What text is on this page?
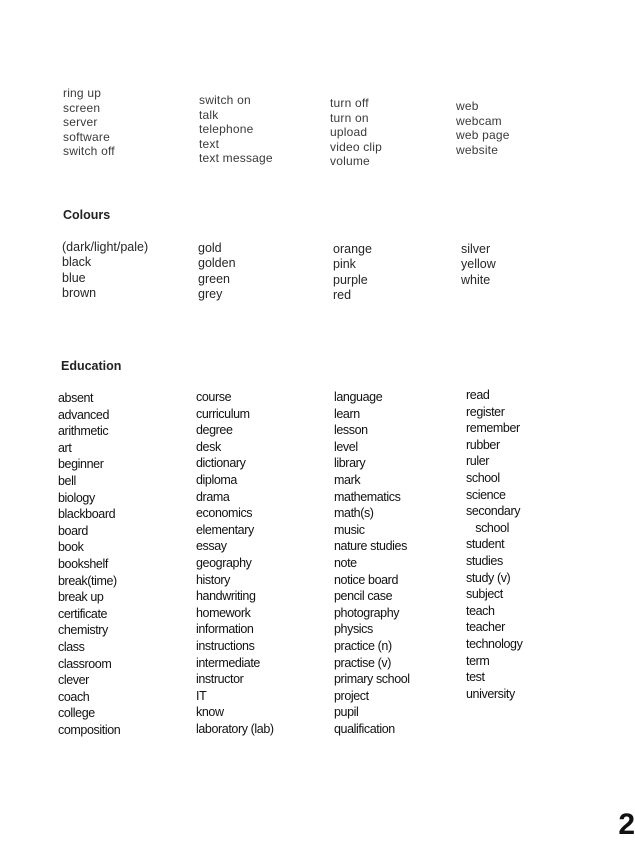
ring up
screen
server
software
switch off
switch on
talk
telephone
text
text message
turn off
turn on
upload
video clip
volume
web
webcam
web page
website
Colours
(dark/light/pale)
black
blue
brown
gold
golden
green
grey
orange
pink
purple
red
silver
yellow
white
Education
absent
advanced
arithmetic
art
beginner
bell
biology
blackboard
board
book
bookshelf
break(time)
break up
certificate
chemistry
class
classroom
clever
coach
college
composition
course
curriculum
degree
desk
dictionary
diploma
drama
economics
elementary
essay
geography
history
handwriting
homework
information
instructions
intermediate
instructor
IT
know
laboratory (lab)
language
learn
lesson
level
library
mark
mathematics
math(s)
music
nature studies
note
notice board
pencil case
photography
physics
practice (n)
practise (v)
primary school
project
pupil
qualification
read
register
remember
rubber
ruler
school
science
secondary
school
student
studies
study (v)
subject
teach
teacher
technology
term
test
university
2
